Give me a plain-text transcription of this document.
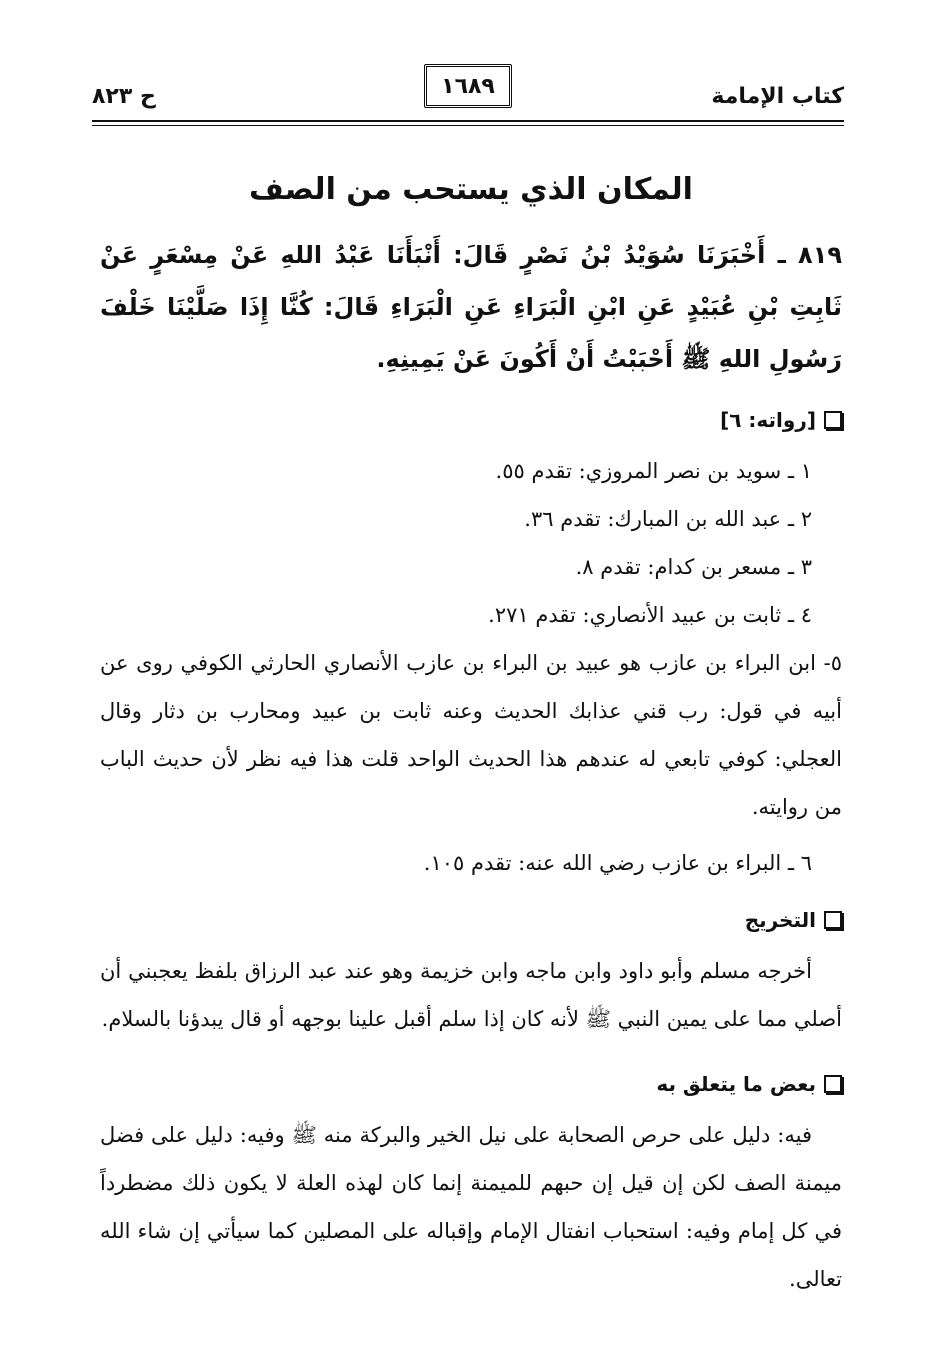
كتاب الإمامة
١٦٨٩
ح ٨٢٣
المكان الذي يستحب من الصف

٨١٩ ـ أَخْبَرَنَا سُوَيْدُ بْنُ نَصْرٍ قَالَ: أَنْبَأَنَا عَبْدُ اللهِ عَنْ مِسْعَرٍ عَنْ ثَابِتِ بْنِ عُبَيْدٍ عَنِ ابْنِ الْبَرَاءِ عَنِ الْبَرَاءِ قَالَ: كُنَّا إِذَا صَلَّيْنَا خَلْفَ رَسُولِ اللهِ ﷺ أَحْبَبْتُ أَنْ أَكُونَ عَنْ يَمِينِهِ.

[رواته: ٦]

١ ـ سويد بن نصر المروزي: تقدم ٥٥.

٢ ـ عبد الله بن المبارك: تقدم ٣٦.

٣ ـ مسعر بن كدام: تقدم ٨.

٤ ـ ثابت بن عبيد الأنصاري: تقدم ٢٧١.

٥- ابن البراء بن عازب هو عبيد بن البراء بن عازب الأنصاري الحارثي الكوفي روى عن أبيه في قول: رب قني عذابك الحديث وعنه ثابت بن عبيد ومحارب بن دثار وقال العجلي: كوفي تابعي له عندهم هذا الحديث الواحد قلت هذا فيه نظر لأن حديث الباب من روايته.

٦ ـ البراء بن عازب رضي الله عنه: تقدم ١٠٥.

التخريج

أخرجه مسلم وأبو داود وابن ماجه وابن خزيمة وهو عند عبد الرزاق بلفظ يعجبني أن أصلي مما على يمين النبي ﷺ لأنه كان إذا سلم أقبل علينا بوجهه أو قال يبدؤنا بالسلام.

بعض ما يتعلق به

فيه: دليل على حرص الصحابة على نيل الخير والبركة منه ﷺ وفيه: دليل على فضل ميمنة الصف لكن إن قيل إن حبهم للميمنة إنما كان لهذه العلة لا يكون ذلك مضطرداً في كل إمام وفيه: استحباب انفتال الإمام وإقباله على المصلين كما سيأتي إن شاء الله تعالى.
